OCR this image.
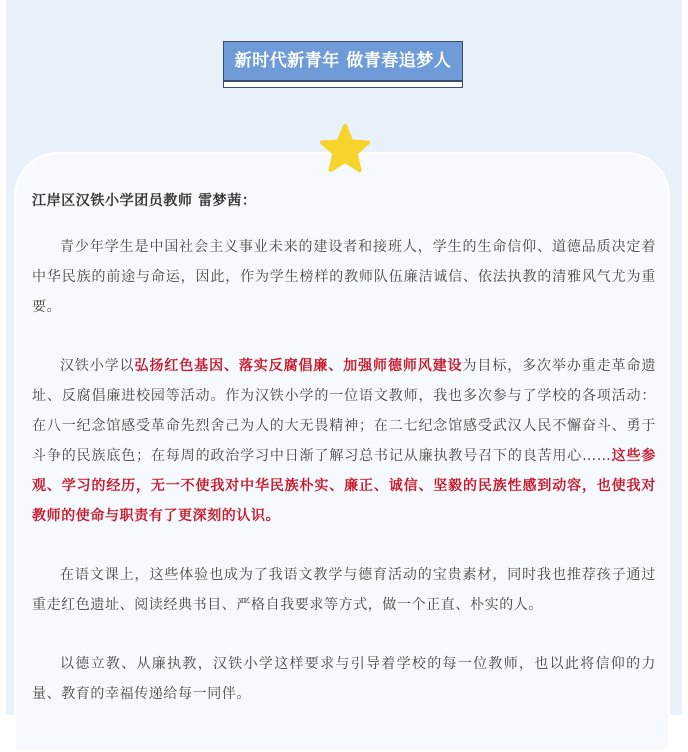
新时代新青年 做青春追梦人

江岸区汉铁小学团员教师 雷梦茜：

青少年学生是中国社会主义事业未来的建设者和接班人，学生的生命信仰、道德品质决定着中华民族的前途与命运，因此，作为学生榜样的教师队伍廉洁诚信、依法执教的清雅风气尤为重要。

汉铁小学以弘扬红色基因、落实反腐倡廉、加强师德师风建设为目标，多次举办重走革命遗址、反腐倡廉进校园等活动。作为汉铁小学的一位语文教师，我也多次参与了学校的各项活动：在八一纪念馆感受革命先烈舍己为人的大无畏精神；在二七纪念馆感受武汉人民不懈奋斗、勇于斗争的民族底色；在每周的政治学习中日渐了解习总书记从廉执教号召下的良苦用心……这些参观、学习的经历，无一不使我对中华民族朴实、廉正、诚信、坚毅的民族性感到动容，也使我对教师的使命与职责有了更深刻的认识。

在语文课上，这些体验也成为了我语文教学与德育活动的宝贵素材，同时我也推荐孩子通过重走红色遗址、阅读经典书目、严格自我要求等方式，做一个正直、朴实的人。

以德立教、从廉执教，汉铁小学这样要求与引导着学校的每一位教师，也以此将信仰的力量、教育的幸福传递给每一同伴。
